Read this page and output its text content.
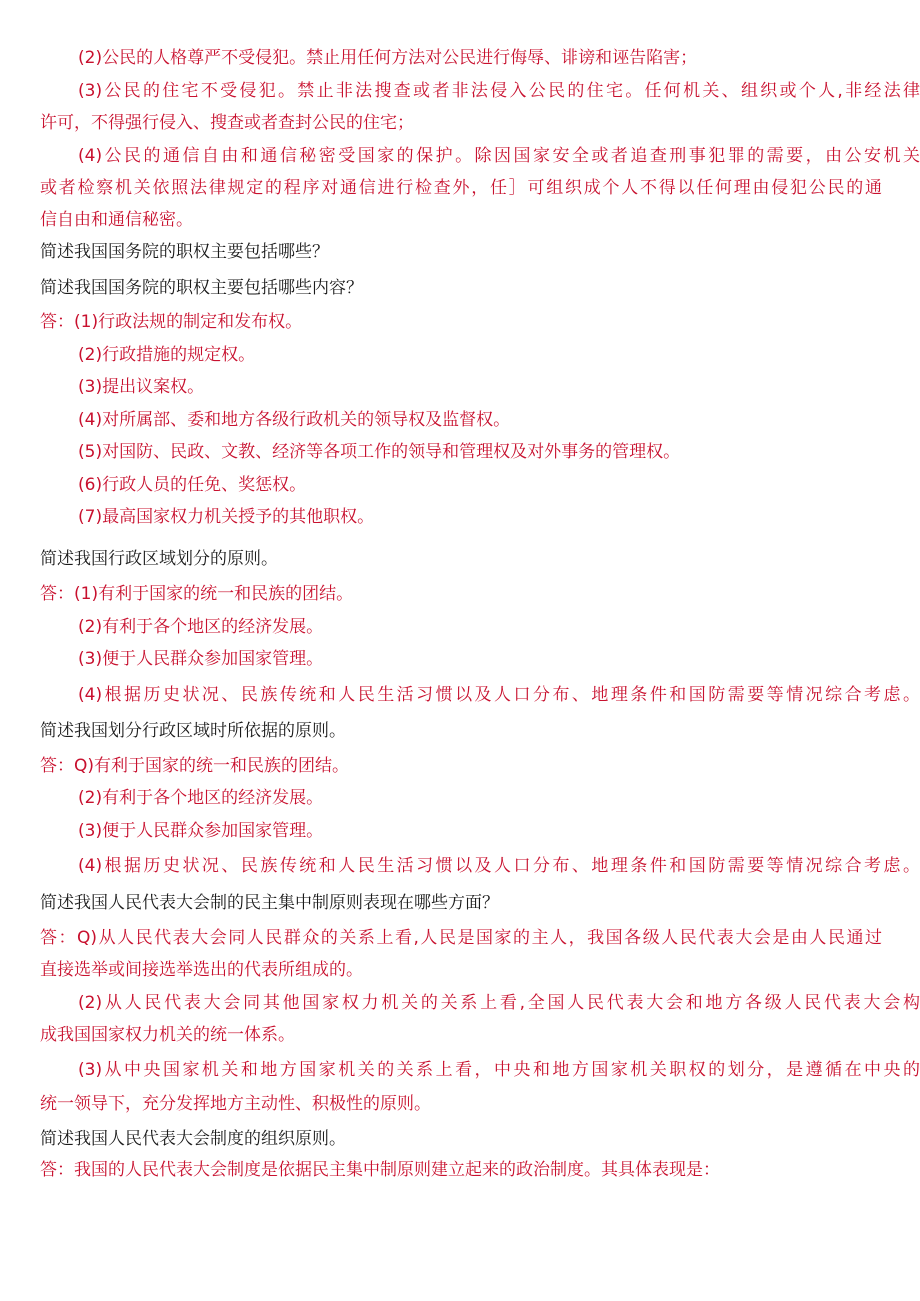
(2)公民的人格尊严不受侵犯。禁止用任何方法对公民进行侮辱、诽谤和诬告陷害；
(3)公民的住宅不受侵犯。禁止非法搜查或者非法侵入公民的住宅。任何机关、组织或个人,非经法律
许可，不得强行侵入、搜查或者查封公民的住宅；
(4)公民的通信自由和通信秘密受国家的保护。除因国家安全或者追查刑事犯罪的需要，由公安机关
或者检察机关依照法律规定的程序对通信进行检查外，任］可组织成个人不得以任何理由侵犯公民的通
信自由和通信秘密。
简述我国国务院的职权主要包括哪些？
简述我国国务院的职权主要包括哪些内容？
答：(1)行政法规的制定和发布权。
(2)行政措施的规定权。
(3)提出议案权。
(4)对所属部、委和地方各级行政机关的领导权及监督权。
(5)对国防、民政、文教、经济等各项工作的领导和管理权及对外事务的管理权。
(6)行政人员的任免、奖惩权。
(7)最高国家权力机关授予的其他职权。
简述我国行政区域划分的原则。
答：(1)有利于国家的统一和民族的团结。
(2)有利于各个地区的经济发展。
(3)便于人民群众参加国家管理。
(4)根据历史状况、民族传统和人民生活习惯以及人口分布、地理条件和国防需要等情况综合考虑。
简述我国划分行政区域时所依据的原则。
答：Q)有利于国家的统一和民族的团结。
(2)有利于各个地区的经济发展。
(3)便于人民群众参加国家管理。
(4)根据历史状况、民族传统和人民生活习惯以及人口分布、地理条件和国防需要等情况综合考虑。
简述我国人民代表大会制的民主集中制原则表现在哪些方面？
答：Q)从人民代表大会同人民群众的关系上看,人民是国家的主人，我国各级人民代表大会是由人民通过
直接选举或间接选举选出的代表所组成的。
(2)从人民代表大会同其他国家权力机关的关系上看,全国人民代表大会和地方各级人民代表大会构
成我国国家权力机关的统一体系。
(3)从中央国家机关和地方国家机关的关系上看，中央和地方国家机关职权的划分，是遵循在中央的
统一领导下，充分发挥地方主动性、积极性的原则。
简述我国人民代表大会制度的组织原则。
答：我国的人民代表大会制度是依据民主集中制原则建立起来的政治制度。其具体表现是：
